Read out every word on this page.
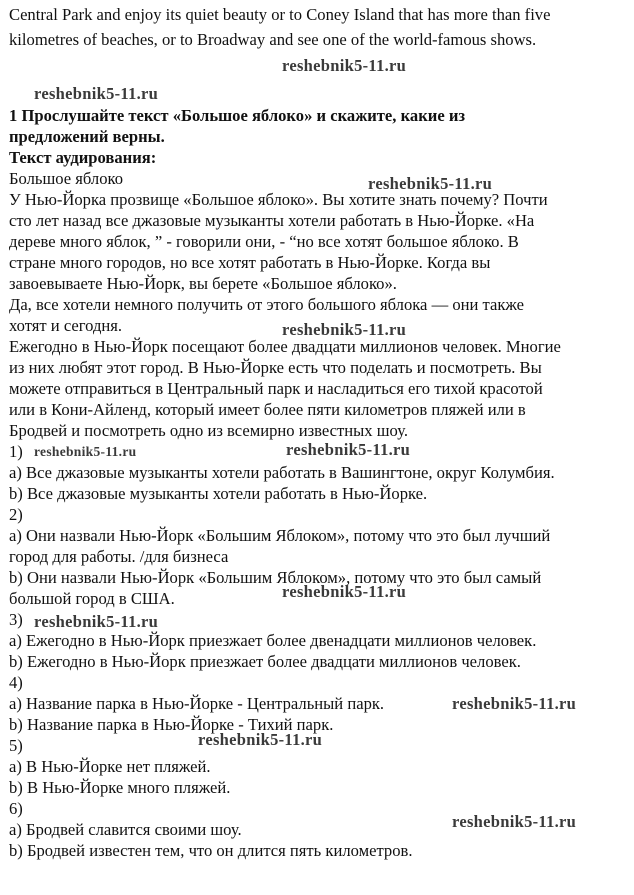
Central Park and enjoy its quiet beauty or to Coney Island that has more than five
kilometres of beaches, or to Broadway and see one of the world-famous shows.
1 Прослушайте текст «Большое яблоко» и скажите, какие из
предложений верны.
Текст аудирования:
Большое яблоко
У Нью-Йорка прозвище «Большое яблоко». Вы хотите знать почему? Почти
сто лет назад все джазовые музыканты хотели работать в Нью-Йорке. «На
дереве много яблок, ” - говорили они, - “но все хотят большое яблоко. В
стране много городов, но все хотят работать в Нью-Йорке. Когда вы
завоевываете Нью-Йорк, вы берете «Большое яблоко».
Да, все хотели немного получить от этого большого яблока — они также
хотят и сегодня.
Ежегодно в Нью-Йорк посещают более двадцати миллионов человек. Многие
из них любят этот город. В Нью-Йорке есть что поделать и посмотреть. Вы
можете отправиться в Центральный парк и насладиться его тихой красотой
или в Кони-Айленд, который имеет более пяти километров пляжей или в
Бродвей и посмотреть одно из всемирно известных шоу.
1)
a) Все джазовые музыканты хотели работать в Вашингтоне, округ Колумбия.
b) Все джазовые музыканты хотели работать в Нью-Йорке.
2)
a) Они назвали Нью-Йорк «Большим Яблоком», потому что это был лучший
город для работы. /для бизнеса
b) Они назвали Нью-Йорк «Большим Яблоком», потому что это был самый
большой город в США.
3)
a) Ежегодно в Нью-Йорк приезжает более двенадцати миллионов человек.
b) Ежегодно в Нью-Йорк приезжает более двадцати миллионов человек.
4)
a) Название парка в Нью-Йорке - Центральный парк.
b) Название парка в Нью-Йорке - Тихий парк.
5)
a) В Нью-Йорке нет пляжей.
b) В Нью-Йорке много пляжей.
6)
a) Бродвей славится своими шоу.
b) Бродвей известен тем, что он длится пять километров.
reshebnik5-11.ru
reshebnik5-11.ru
reshebnik5-11.ru
reshebnik5-11.ru
reshebnik5-11.ru	reshebnik5-11.ru
reshebnik5-11.ru
reshebnik5-11.ru
reshebnik5-11.ru
reshebnik5-11.ru
reshebnik5-11.ru
